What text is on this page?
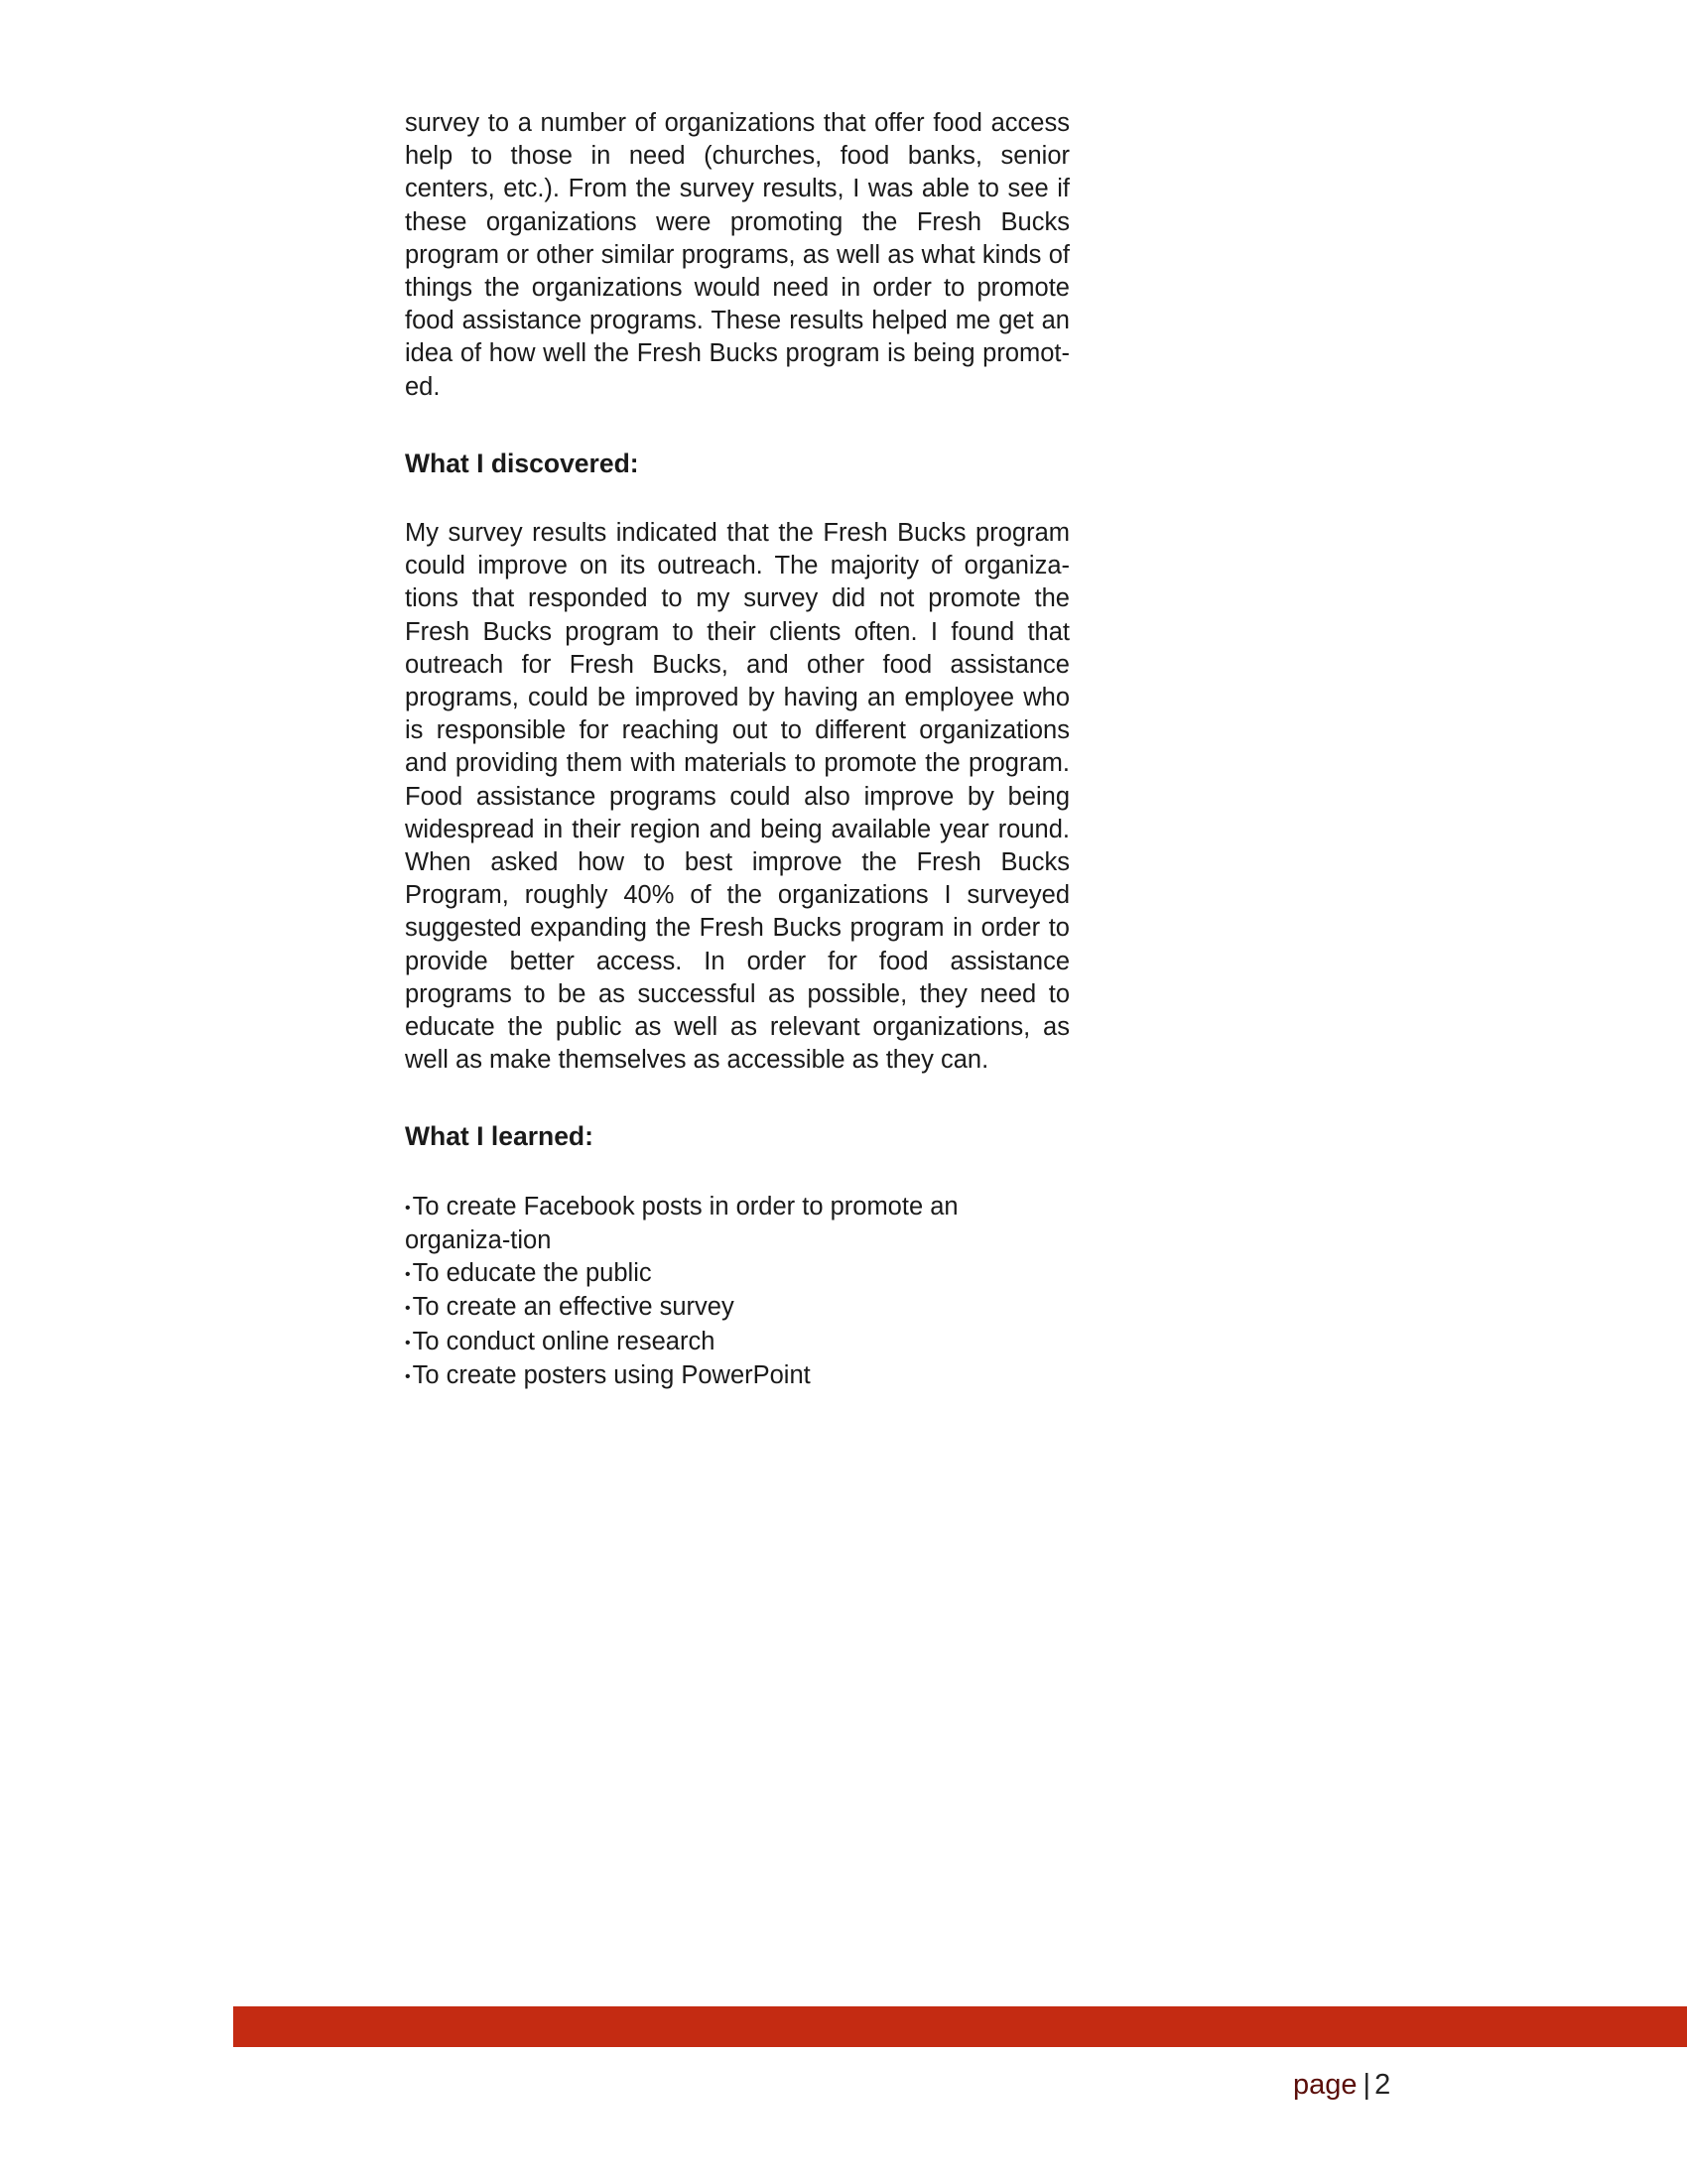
survey to a number of organizations that offer food access help to those in need (churches, food banks, senior centers, etc.). From the survey results, I was able to see if these organizations were promoting the Fresh Bucks program or other similar programs, as well as what kinds of things the organizations would need in order to promote food assistance programs. These results helped me get an idea of how well the Fresh Bucks program is being promot-ed.

What I discovered:

My survey results indicated that the Fresh Bucks program could improve on its outreach. The majority of organiza-tions that responded to my survey did not promote the Fresh Bucks program to their clients often. I found that outreach for Fresh Bucks, and other food assistance programs, could be improved by having an employee who is responsible for reaching out to different organizations and providing them with materials to promote the program. Food assistance programs could also improve by being widespread in their region and being available year round. When asked how to best improve the Fresh Bucks Program, roughly 40% of the organizations I surveyed suggested expanding the Fresh Bucks program in order to provide better access. In order for food assistance programs to be as successful as possible, they need to educate the public as well as relevant organizations, as well as make themselves as accessible as they can.

What I learned:
•To create Facebook posts in order to promote an organiza-tion
•To educate the public
•To create an effective survey
•To conduct online research
•To create posters using PowerPoint
page | 2
